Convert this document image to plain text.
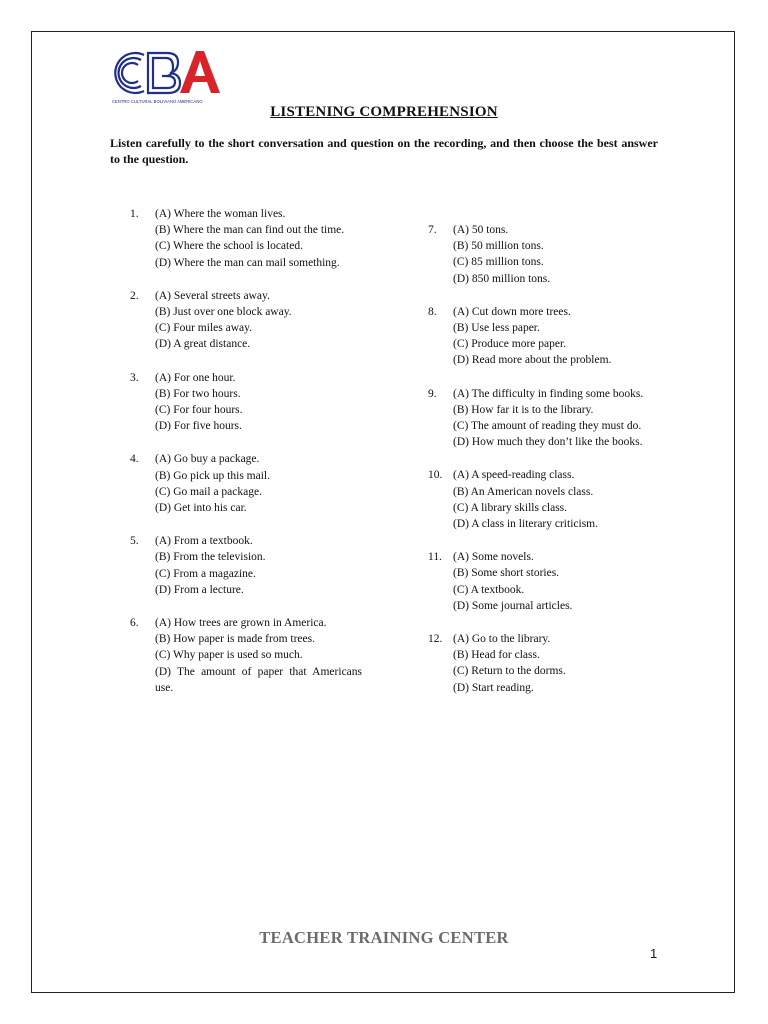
CENTRO CULTURAL BOLIVIANO AMERICANO
LISTENING COMPREHENSION
Listen carefully to the short conversation and question on the recording, and then choose the best answer to the question.
1. (A) Where the woman lives.
(B) Where the man can find out the time.
(C) Where the school is located.
(D) Where the man can mail something.
2. (A) Several streets away.
(B) Just over one block away.
(C) Four miles away.
(D) A great distance.
3. (A) For one hour.
(B) For two hours.
(C) For four hours.
(D) For five hours.
4. (A) Go buy a package.
(B) Go pick up this mail.
(C) Go mail a package.
(D) Get into his car.
5. (A) From a textbook.
(B) From the television.
(C) From a magazine.
(D) From a lecture.
6. (A) How trees are grown in America.
(B) How paper is made from trees.
(C) Why paper is used so much.
(D) The amount of paper that Americans use.
7. (A) 50 tons.
(B) 50 million tons.
(C) 85 million tons.
(D) 850 million tons.
8. (A) Cut down more trees.
(B) Use less paper.
(C) Produce more paper.
(D) Read more about the problem.
9. (A) The difficulty in finding some books.
(B) How far it is to the library.
(C) The amount of reading they must do.
(D) How much they don’t like the books.
10. (A) A speed-reading class.
(B) An American novels class.
(C) A library skills class.
(D) A class in literary criticism.
11. (A) Some novels.
(B) Some short stories.
(C) A textbook.
(D) Some journal articles.
12. (A) Go to the library.
(B) Head for class.
(C) Return to the dorms.
(D) Start reading.
TEACHER TRAINING CENTER
1
